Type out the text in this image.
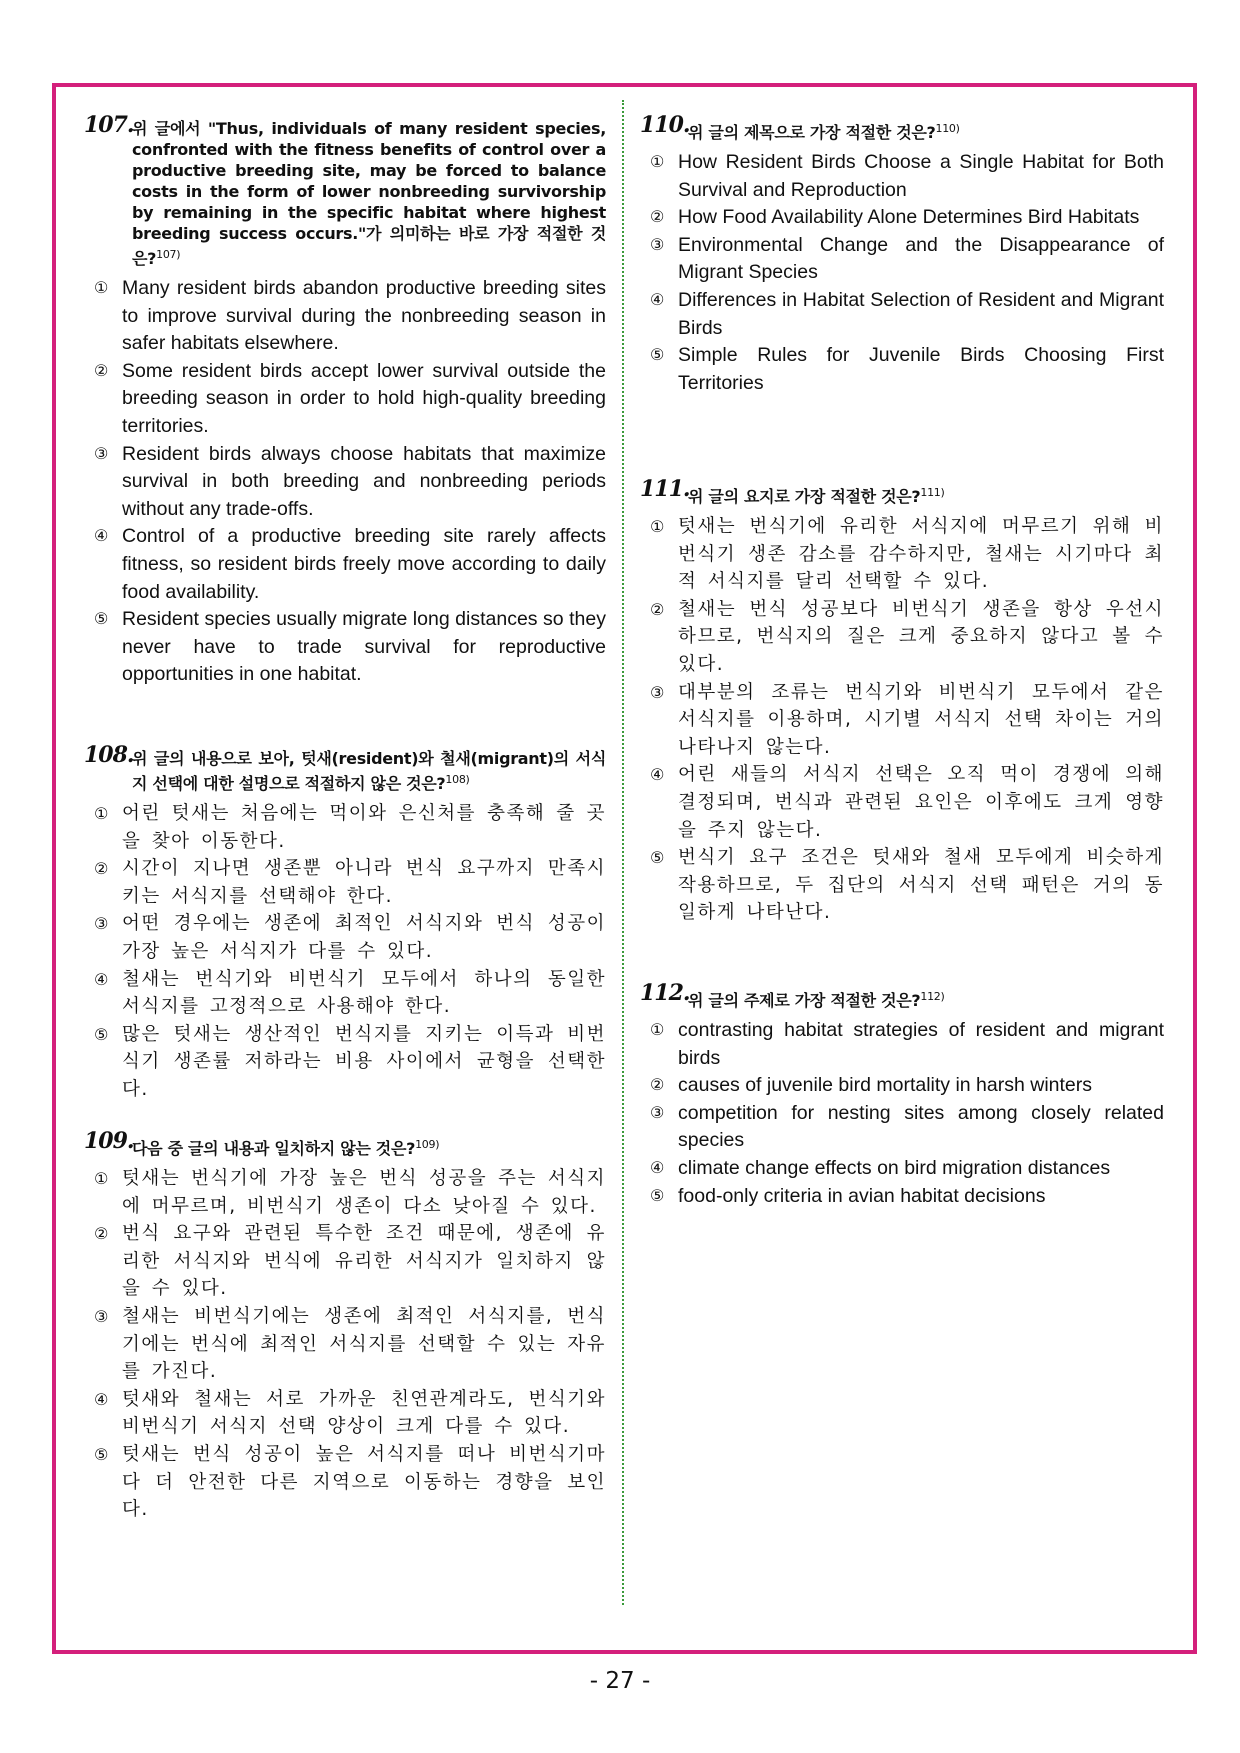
107.
위 글에서 "Thus, individuals of many resident species, confronted with the fitness benefits of control over a productive breeding site, may be forced to balance costs in the form of lower nonbreeding survivorship by remaining in the specific habitat where highest breeding success occurs."가 의미하는 바로 가장 적절한 것은?$^{107)}$
① Many resident birds abandon productive breeding sites to improve survival during the nonbreeding season in safer habitats elsewhere.
② Some resident birds accept lower survival outside the breeding season in order to hold high-quality breeding territories.
③ Resident birds always choose habitats that maximize survival in both breeding and nonbreeding periods without any trade-offs.
④ Control of a productive breeding site rarely affects fitness, so resident birds freely move according to daily food availability.
⑤ Resident species usually migrate long distances so they never have to trade survival for reproductive opportunities in one habitat.
108.
위 글의 내용으로 보아, 텃새(resident)와 철새(migrant)의 서식지 선택에 대한 설명으로 적절하지 않은 것은?$^{108)}$
① 어린 텃새는 처음에는 먹이와 은신처를 충족해 줄 곳을 찾아 이동한다.
② 시간이 지나면 생존뿐 아니라 번식 요구까지 만족시키는 서식지를 선택해야 한다.
③ 어떤 경우에는 생존에 최적인 서식지와 번식 성공이 가장 높은 서식지가 다를 수 있다.
④ 철새는 번식기와 비번식기 모두에서 하나의 동일한 서식지를 고정적으로 사용해야 한다.
⑤ 많은 텃새는 생산적인 번식지를 지키는 이득과 비번식기 생존률 저하라는 비용 사이에서 균형을 선택한다.
109.
다음 중 글의 내용과 일치하지 않는 것은?$^{109)}$
① 텃새는 번식기에 가장 높은 번식 성공을 주는 서식지에 머무르며, 비번식기 생존이 다소 낮아질 수 있다.
② 번식 요구와 관련된 특수한 조건 때문에, 생존에 유리한 서식지와 번식에 유리한 서식지가 일치하지 않을 수 있다.
③ 철새는 비번식기에는 생존에 최적인 서식지를, 번식기에는 번식에 최적인 서식지를 선택할 수 있는 자유를 가진다.
④ 텃새와 철새는 서로 가까운 친연관계라도, 번식기와 비번식기 서식지 선택 양상이 크게 다를 수 있다.
⑤ 텃새는 번식 성공이 높은 서식지를 떠나 비번식기마다 더 안전한 다른 지역으로 이동하는 경향을 보인다.
110.
위 글의 제목으로 가장 적절한 것은?$^{110)}$
① How Resident Birds Choose a Single Habitat for Both Survival and Reproduction
② How Food Availability Alone Determines Bird Habitats
③ Environmental Change and the Disappearance of Migrant Species
④ Differences in Habitat Selection of Resident and Migrant Birds
⑤ Simple Rules for Juvenile Birds Choosing First Territories
111.
위 글의 요지로 가장 적절한 것은?$^{111)}$
① 텃새는 번식기에 유리한 서식지에 머무르기 위해 비번식기 생존 감소를 감수하지만, 철새는 시기마다 최적 서식지를 달리 선택할 수 있다.
② 철새는 번식 성공보다 비번식기 생존을 항상 우선시하므로, 번식지의 질은 크게 중요하지 않다고 볼 수 있다.
③ 대부분의 조류는 번식기와 비번식기 모두에서 같은 서식지를 이용하며, 시기별 서식지 선택 차이는 거의 나타나지 않는다.
④ 어린 새들의 서식지 선택은 오직 먹이 경쟁에 의해 결정되며, 번식과 관련된 요인은 이후에도 크게 영향을 주지 않는다.
⑤ 번식기 요구 조건은 텃새와 철새 모두에게 비슷하게 작용하므로, 두 집단의 서식지 선택 패턴은 거의 동일하게 나타난다.
112.
위 글의 주제로 가장 적절한 것은?$^{112)}$
① contrasting habitat strategies of resident and migrant birds
② causes of juvenile bird mortality in harsh winters
③ competition for nesting sites among closely related species
④ climate change effects on bird migration distances
⑤ food-only criteria in avian habitat decisions
- 27 -
